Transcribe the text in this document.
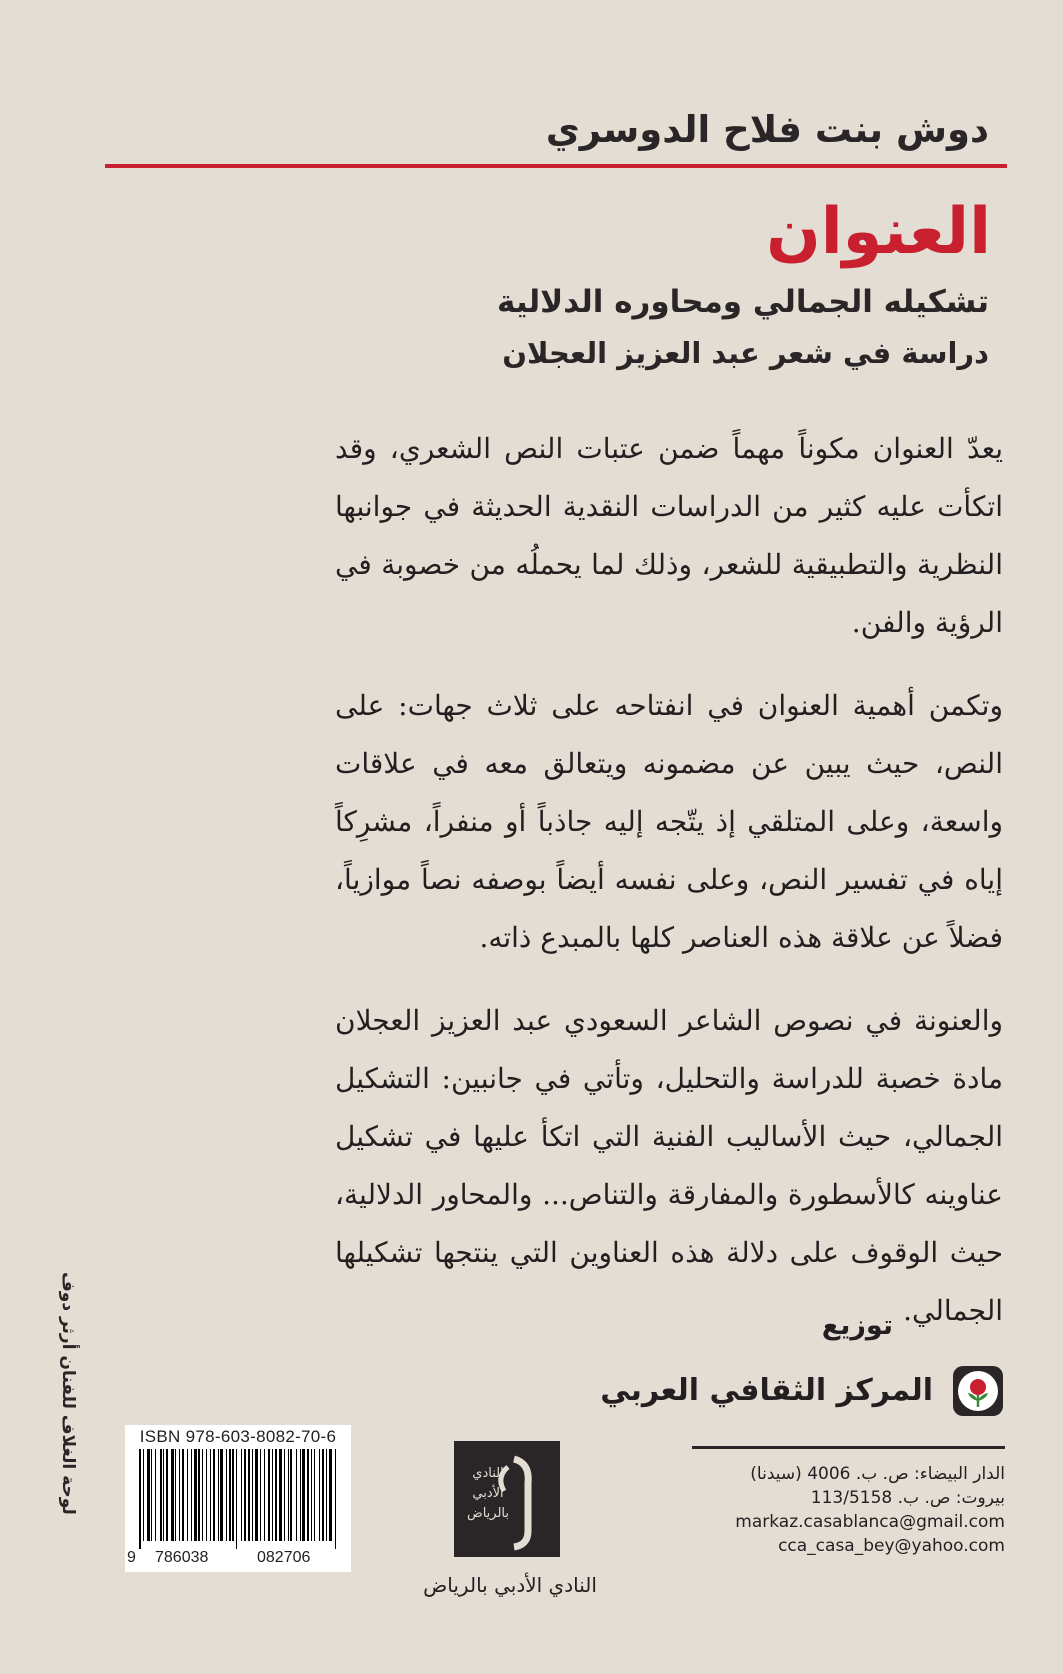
دوش بنت فلاح الدوسري
العنوان
تشكيله الجمالي ومحاوره الدلالية
دراسة في شعر عبد العزيز العجلان

يعدّ العنوان مكوناً مهماً ضمن عتبات النص الشعري، وقد اتكأت عليه كثير من الدراسات النقدية الحديثة في جوانبها النظرية والتطبيقية للشعر، وذلك لما يحملُه من خصوبة في الرؤية والفن.

وتكمن أهمية العنوان في انفتاحه على ثلاث جهات: على النص، حيث يبين عن مضمونه ويتعالق معه في علاقات واسعة، وعلى المتلقي إذ يتّجه إليه جاذباً أو منفراً، مشرِكاً إياه في تفسير النص، وعلى نفسه أيضاً بوصفه نصاً موازياً، فضلاً عن علاقة هذه العناصر كلها بالمبدع ذاته.

والعنونة في نصوص الشاعر السعودي عبد العزيز العجلان مادة خصبة للدراسة والتحليل، وتأتي في جانبين: التشكيل الجمالي، حيث الأساليب الفنية التي اتكأ عليها في تشكيل عناوينه كالأسطورة والمفارقة والتناص... والمحاور الدلالية، حيث الوقوف على دلالة هذه العناوين التي ينتجها تشكيلها الجمالي.

توزيع
المركز الثقافي العربي
الدار البيضاء: ص. ب. 4006 (سيدنا)
بيروت: ص. ب. 113/5158
markaz.casablanca@gmail.com
cca_casa_bey@yahoo.com
النادي
الأدبي
بالرياض
النادي الأدبي بالرياض
ISBN 978-603-8082-70-6
9 786038	082706
لوحة الغلاف للفنان أرثر دوف
